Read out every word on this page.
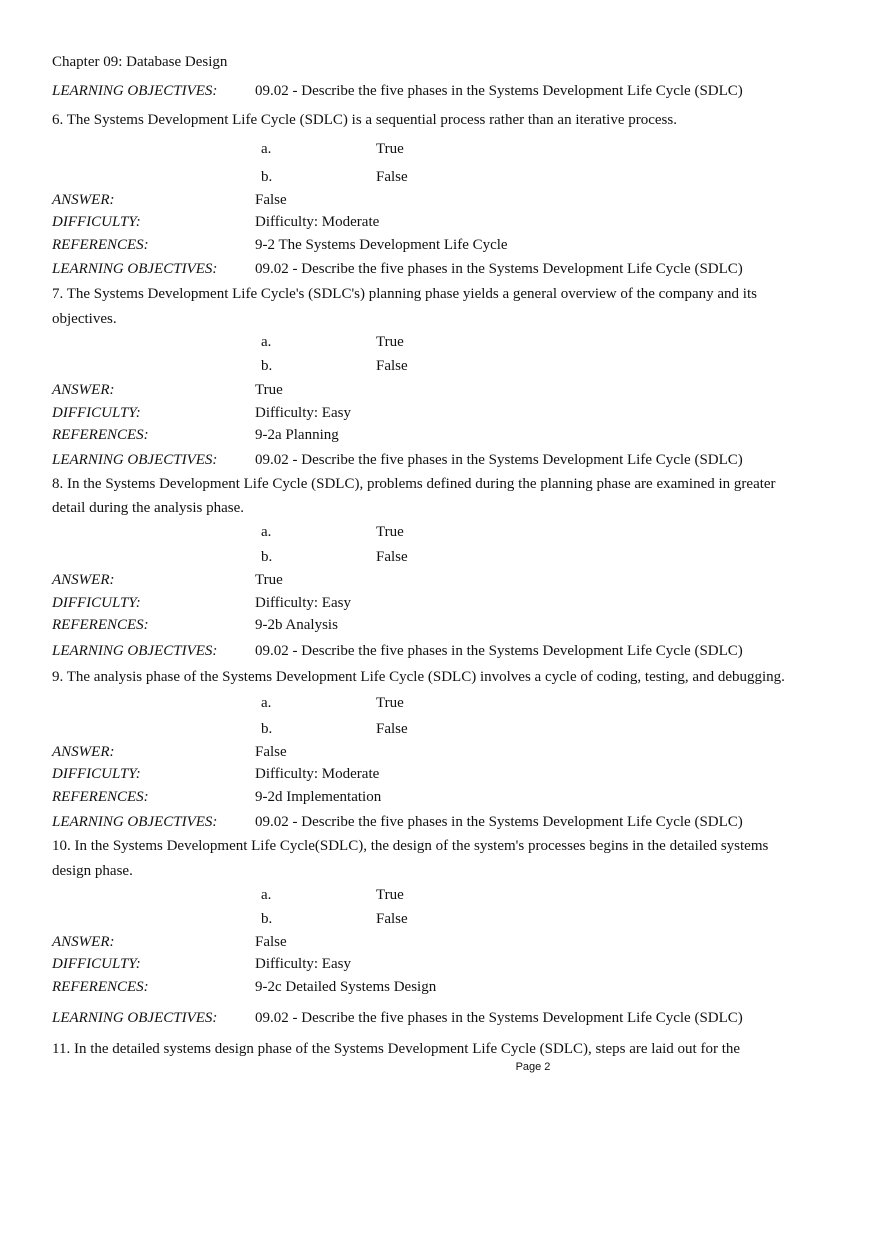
Chapter 09: Database Design
LEARNING OBJECTIVES:	09.02 - Describe the five phases in the Systems Development Life Cycle (SDLC)
6. The Systems Development Life Cycle (SDLC) is a sequential process rather than an iterative process.
a.	True
b.	False
ANSWER:	False
DIFFICULTY:	Difficulty: Moderate
REFERENCES:	9-2 The Systems Development Life Cycle
LEARNING OBJECTIVES:	09.02 - Describe the five phases in the Systems Development Life Cycle (SDLC)
7. The Systems Development Life Cycle's (SDLC's) planning phase yields a general overview of the company and its
objectives.
a.	True
b.	False
ANSWER:	True
DIFFICULTY:	Difficulty: Easy
REFERENCES:	9-2a Planning
LEARNING OBJECTIVES:	09.02 - Describe the five phases in the Systems Development Life Cycle (SDLC)
8. In the Systems Development Life Cycle (SDLC), problems defined during the planning phase are examined in greater
detail during the analysis phase.
a.	True
b.	False
ANSWER:	True
DIFFICULTY:	Difficulty: Easy
REFERENCES:	9-2b Analysis
LEARNING OBJECTIVES:	09.02 - Describe the five phases in the Systems Development Life Cycle (SDLC)
9. The analysis phase of the Systems Development Life Cycle (SDLC) involves a cycle of coding, testing, and debugging.
a.	True
b.	False
ANSWER:	False
DIFFICULTY:	Difficulty: Moderate
REFERENCES:	9-2d Implementation
LEARNING OBJECTIVES:	09.02 - Describe the five phases in the Systems Development Life Cycle (SDLC)
10. In the Systems Development Life Cycle(SDLC), the design of the system's processes begins in the detailed systems
design phase.
a.	True
b.	False
ANSWER:	False
DIFFICULTY:	Difficulty: Easy
REFERENCES:	9-2c Detailed Systems Design
LEARNING OBJECTIVES:	09.02 - Describe the five phases in the Systems Development Life Cycle (SDLC)
11. In the detailed systems design phase of the Systems Development Life Cycle (SDLC), steps are laid out for the
Page 2
